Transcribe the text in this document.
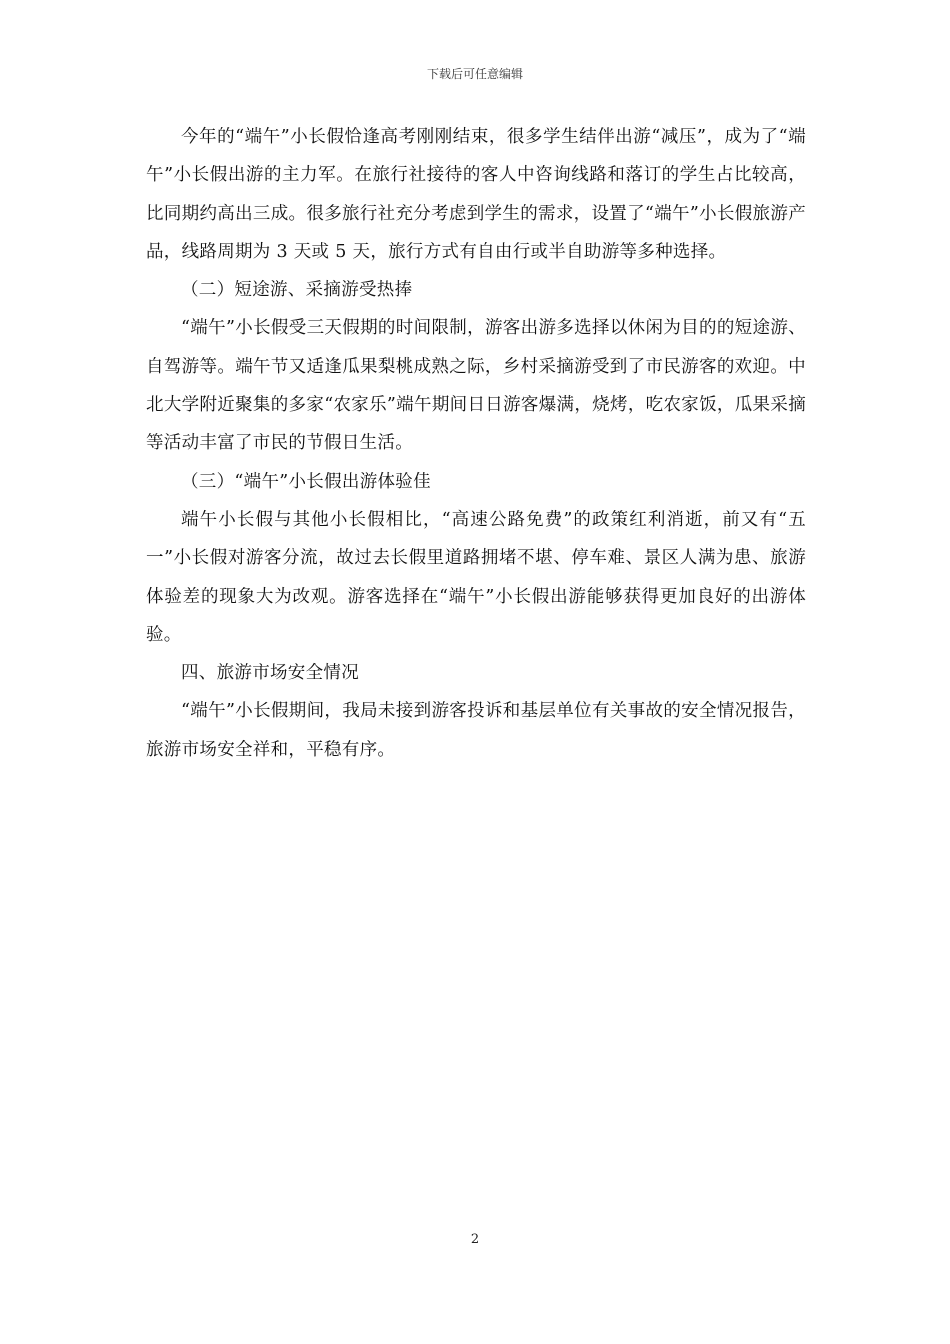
下载后可任意编辑

今年的“端午”小长假恰逢高考刚刚结束，很多学生结伴出游“减压”，成为了“端午”小长假出游的主力军。在旅行社接待的客人中咨询线路和落订的学生占比较高，比同期约高出三成。很多旅行社充分考虑到学生的需求，设置了“端午”小长假旅游产品，线路周期为 3 天或 5 天，旅行方式有自由行或半自助游等多种选择。

（二）短途游、采摘游受热捧

“端午”小长假受三天假期的时间限制，游客出游多选择以休闲为目的的短途游、自驾游等。端午节又适逢瓜果梨桃成熟之际，乡村采摘游受到了市民游客的欢迎。中北大学附近聚集的多家“农家乐”端午期间日日游客爆满，烧烤，吃农家饭，瓜果采摘等活动丰富了市民的节假日生活。

（三）“端午”小长假出游体验佳

端午小长假与其他小长假相比，“高速公路免费”的政策红利消逝，前又有“五一”小长假对游客分流，故过去长假里道路拥堵不堪、停车难、景区人满为患、旅游体验差的现象大为改观。游客选择在“端午”小长假出游能够获得更加良好的出游体验。

四、旅游市场安全情况

“端午”小长假期间，我局未接到游客投诉和基层单位有关事故的安全情况报告，旅游市场安全祥和，平稳有序。

2
